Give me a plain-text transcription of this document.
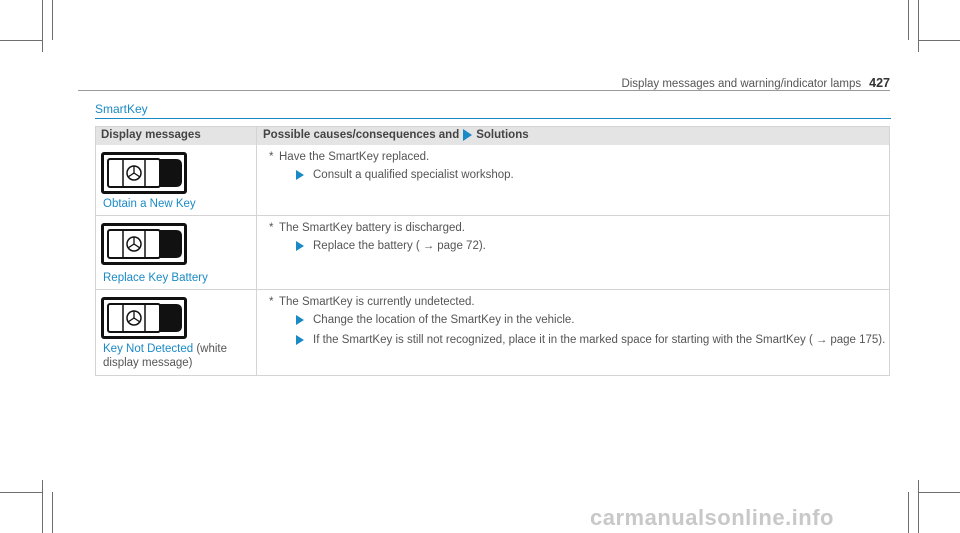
Display messages and warning/indicator lamps 427
SmartKey
Display messages	Possible causes/consequences and Solutions
Obtain a New Key
* Have the SmartKey replaced.
Consult a qualified specialist workshop.
Replace Key Battery
* The SmartKey battery is discharged.
Replace the battery ( → page 72).
Key Not Detected (white
display message)
* The SmartKey is currently undetected.
Change the location of the SmartKey in the vehicle.
If the SmartKey is still not recognized, place it in the marked space for starting with the SmartKey ( → page 175).
carmanualsonline.info
